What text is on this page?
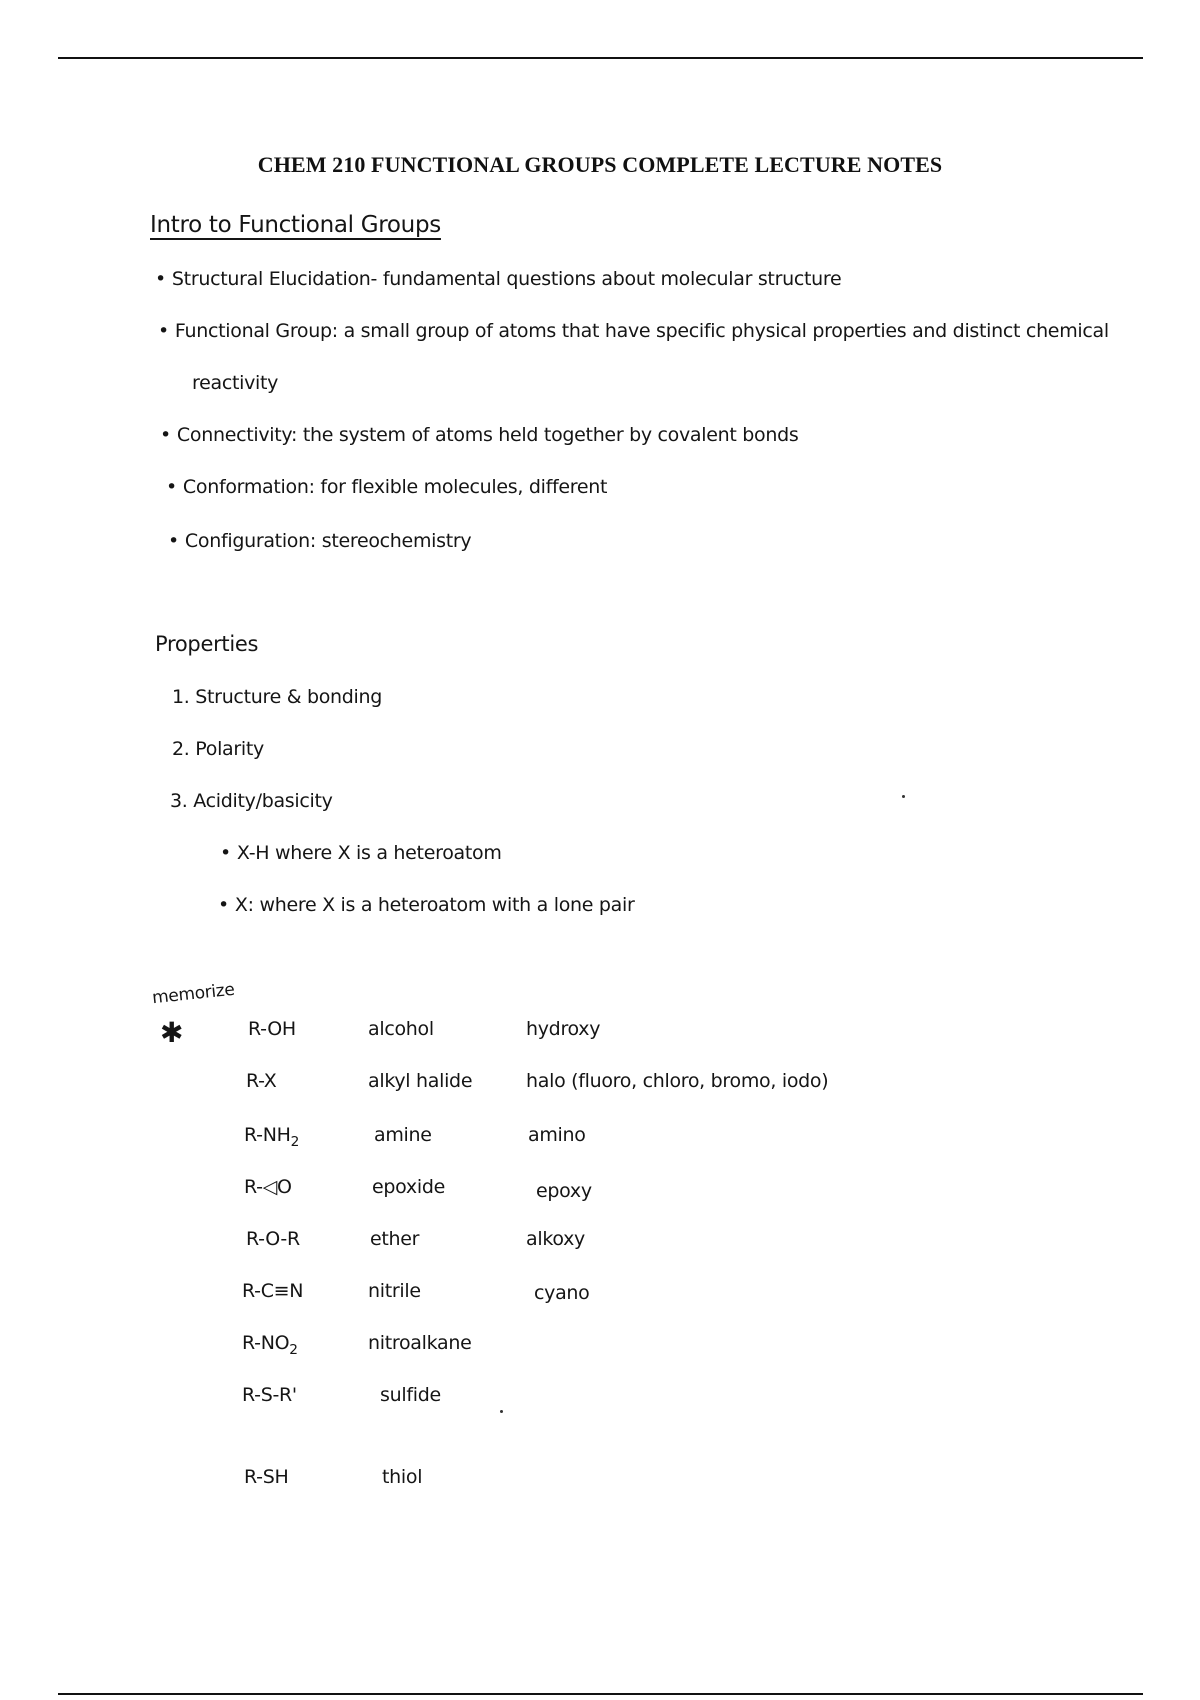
CHEM 210 FUNCTIONAL GROUPS COMPLETE LECTURE NOTES
Intro to Functional Groups
• Structural Elucidation- fundamental questions about molecular structure
• Functional Group: a small group of atoms that have specific physical properties and distinct chemical
reactivity
• Connectivity: the system of atoms held together by covalent bonds
• Conformation: for flexible molecules, different
• Configuration: stereochemistry
Properties
1. Structure & bonding
2. Polarity
3. Acidity/basicity
• X-H where X is a heteroatom
• X: where X is a heteroatom with a lone pair
memorize
✱	R-OH	alcohol	hydroxy
R-X	alkyl halide	halo (fluoro, chloro, bromo, iodo)
$R-NH_2$	amine	amino
R-◁O	epoxide	epoxy
R-O-R	ether	alkoxy
R-C≡N	nitrile	cyano
$R-NO_2$	nitroalkane
R-S-R'	sulfide
R-SH	thiol
